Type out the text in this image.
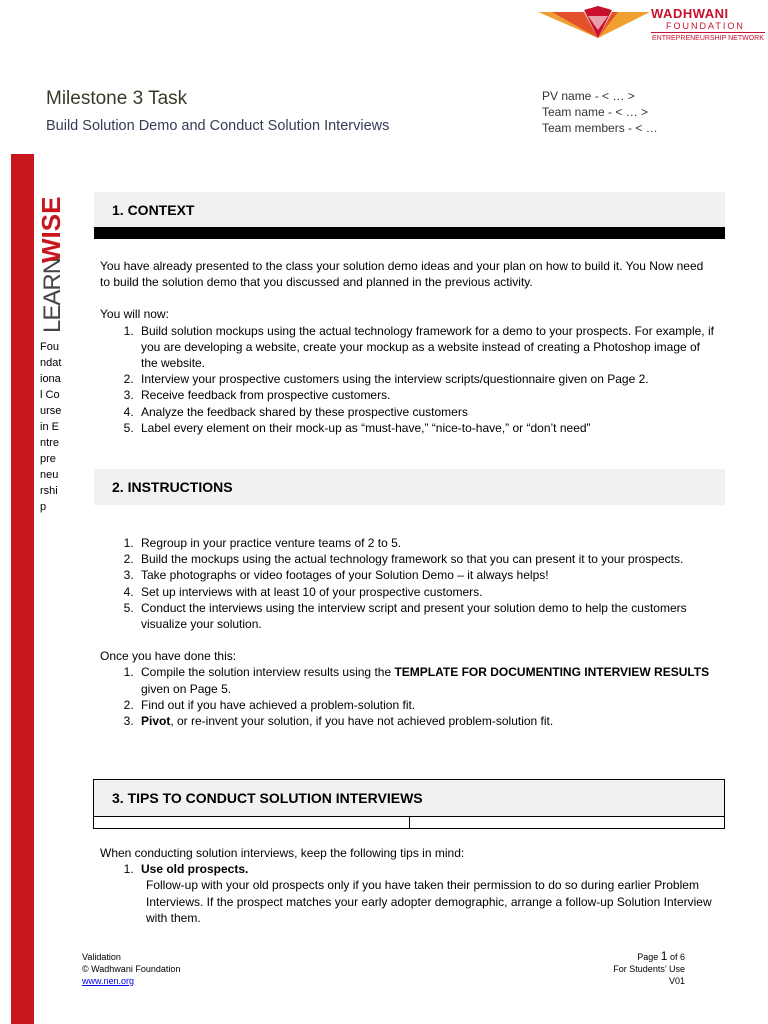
WADHWANI
FOUNDATION
ENTREPRENEURSHIP NETWORK
Milestone 3 Task
Build Solution Demo and Conduct Solution Interviews
PV name - < … >
Team name - < … >
Team members - < …
LEARN
WISE
Foundational Course in Entrepreneurship
1. CONTEXT

You have already presented to the class your solution demo ideas and your plan on how to build it. You Now need to build the solution demo that you discussed and planned in the previous activity.

You will now:

1. Build solution mockups using the actual technology framework for a demo to your prospects. For example, if you are developing a website, create your mockup as a website instead of creating a Photoshop image of the website.
2. Interview your prospective customers using the interview scripts/questionnaire given on Page 2.
3. Receive feedback from prospective customers.
4. Analyze the feedback shared by these prospective customers
5. Label every element on their mock-up as “must-have,” “nice-to-have,” or “don’t need”
2. INSTRUCTIONS
1. Regroup in your practice venture teams of 2 to 5.
2. Build the mockups using the actual technology framework so that you can present it to your prospects.
3. Take photographs or video footages of your Solution Demo – it always helps!
4. Set up interviews with at least 10 of your prospective customers.
5. Conduct the interviews using the interview script and present your solution demo to help the customers visualize your solution.

Once you have done this:

1. Compile the solution interview results using the TEMPLATE FOR DOCUMENTING INTERVIEW RESULTS given on Page 5.
2. Find out if you have achieved a problem-solution fit.
3. Pivot, or re-invent your solution, if you have not achieved problem-solution fit.
3. TIPS TO CONDUCT SOLUTION INTERVIEWS

When conducting solution interviews, keep the following tips in mind:

1. Use old prospects.
Follow-up with your old prospects only if you have taken their permission to do so during earlier Problem Interviews. If the prospect matches your early adopter demographic, arrange a follow-up Solution Interview with them.
Validation
© Wadhwani Foundation
www.nen.org
Page 1 of 6
For Students’ Use
V01
